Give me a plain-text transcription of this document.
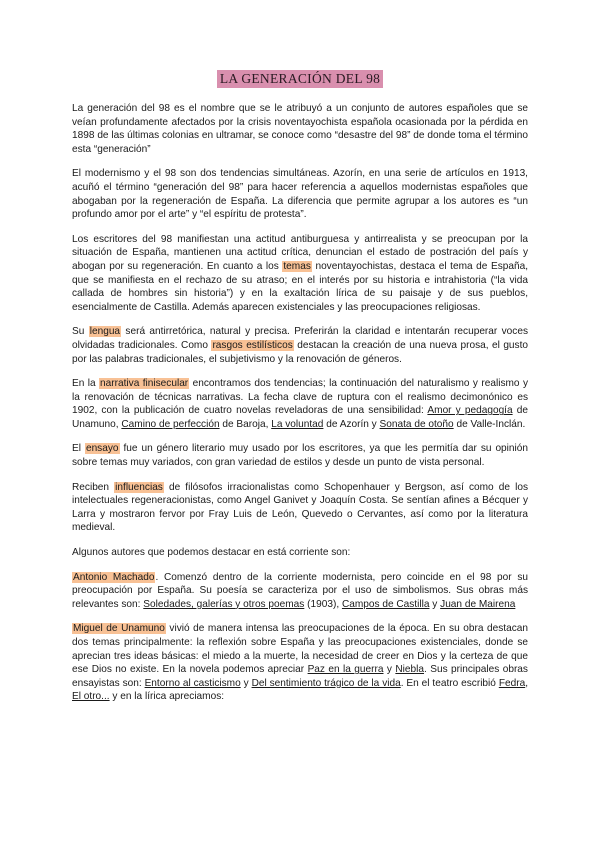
LA GENERACIÓN DEL 98

La generación del 98 es el nombre que se le atribuyó a un conjunto de autores españoles que se veían profundamente afectados por la crisis noventayochista española ocasionada por la pérdida en 1898 de las últimas colonias en ultramar, se conoce como “desastre del 98” de donde toma el término esta “generación”

El modernismo y el 98 son dos tendencias simultáneas. Azorín, en una serie de artículos en 1913, acuñó el término “generación del 98” para hacer referencia a aquellos modernistas españoles que abogaban por la regeneración de España. La diferencia que permite agrupar a los autores es “un profundo amor por el arte” y “el espíritu de protesta”.

Los escritores del 98 manifiestan una actitud antiburguesa y antirrealista y se preocupan por la situación de España, mantienen una actitud crítica, denuncian el estado de postración del país y abogan por su regeneración. En cuanto a los temas noventayochistas, destaca el tema de España, que se manifiesta en el rechazo de su atraso; en el interés por su historia e intrahistoria (“la vida callada de hombres sin historia”) y en la exaltación lírica de su paisaje y de sus pueblos, esencialmente de Castilla. Además aparecen existenciales y las preocupaciones religiosas.

Su lengua será antirretórica, natural y precisa. Preferirán la claridad e intentarán recuperar voces olvidadas tradicionales. Como rasgos estilísticos destacan la creación de una nueva prosa, el gusto por las palabras tradicionales, el subjetivismo y la renovación de géneros.

En la narrativa finisecular encontramos dos tendencias; la continuación del naturalismo y realismo y la renovación de técnicas narrativas. La fecha clave de ruptura con el realismo decimonónico es 1902, con la publicación de cuatro novelas reveladoras de una sensibilidad: Amor y pedagogía de Unamuno, Camino de perfección de Baroja, La voluntad de Azorín y Sonata de otoño de Valle-Inclán.

El ensayo fue un género literario muy usado por los escritores, ya que les permitía dar su opinión sobre temas muy variados, con gran variedad de estilos y desde un punto de vista personal.

Reciben influencias de filósofos irracionalistas como Schopenhauer y Bergson, así como de los intelectuales regeneracionistas, como Angel Ganivet y Joaquín Costa. Se sentían afines a Bécquer y Larra y mostraron fervor por Fray Luis de León, Quevedo o Cervantes, así como por la literatura medieval.

Algunos autores que podemos destacar en está corriente son:

Antonio Machado. Comenzó dentro de la corriente modernista, pero coincide en el 98 por su preocupación por España. Su poesía se caracteriza por el uso de simbolismos. Sus obras más relevantes son: Soledades, galerías y otros poemas (1903), Campos de Castilla y Juan de Mairena

Miguel de Unamuno vivió de manera intensa las preocupaciones de la época. En su obra destacan dos temas principalmente: la reflexión sobre España y las preocupaciones existenciales, donde se aprecian tres ideas básicas: el miedo a la muerte, la necesidad de creer en Dios y la certeza de que ese Dios no existe. En la novela podemos apreciar Paz en la guerra y Niebla. Sus principales obras ensayistas son: Entorno al casticismo y Del sentimiento trágico de la vida. En el teatro escribió Fedra, El otro... y en la lírica apreciamos:
